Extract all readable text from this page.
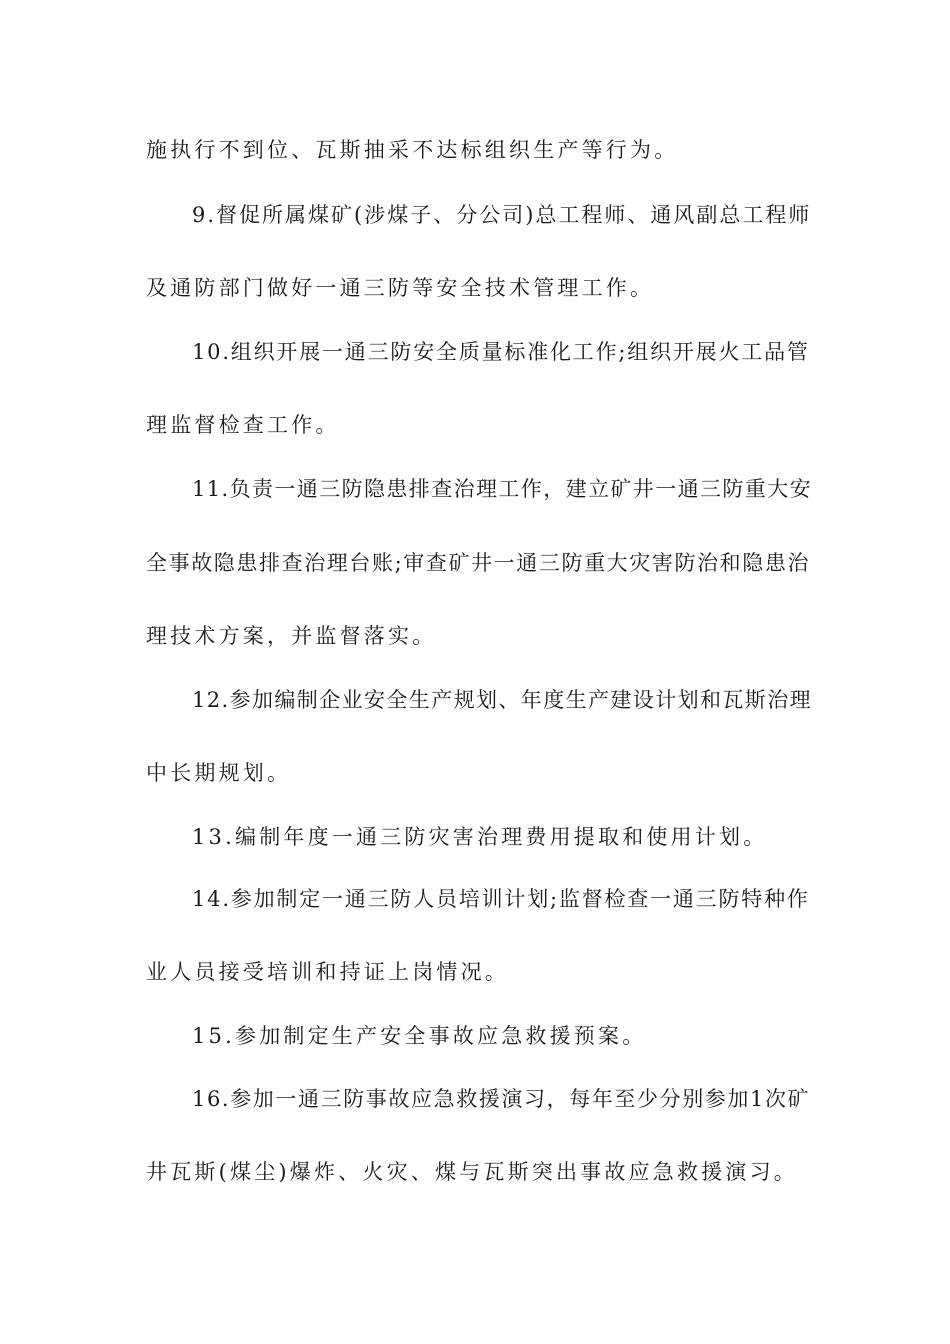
施执行不到位、瓦斯抽采不达标组织生产等行为。
9.督促所属煤矿(涉煤子、分公司)总工程师、通风副总工程师
及通防部门做好一通三防等安全技术管理工作。
10.组织开展一通三防安全质量标准化工作;组织开展火工品管
理监督检查工作。
11.负责一通三防隐患排查治理工作，建立矿井一通三防重大安
全事故隐患排查治理台账;审查矿井一通三防重大灾害防治和隐患治
理技术方案，并监督落实。
12.参加编制企业安全生产规划、年度生产建设计划和瓦斯治理
中长期规划。
13.编制年度一通三防灾害治理费用提取和使用计划。
14.参加制定一通三防人员培训计划;监督检查一通三防特种作
业人员接受培训和持证上岗情况。
15.参加制定生产安全事故应急救援预案。
16.参加一通三防事故应急救援演习，每年至少分别参加1次矿
井瓦斯(煤尘)爆炸、火灾、煤与瓦斯突出事故应急救援演习。
